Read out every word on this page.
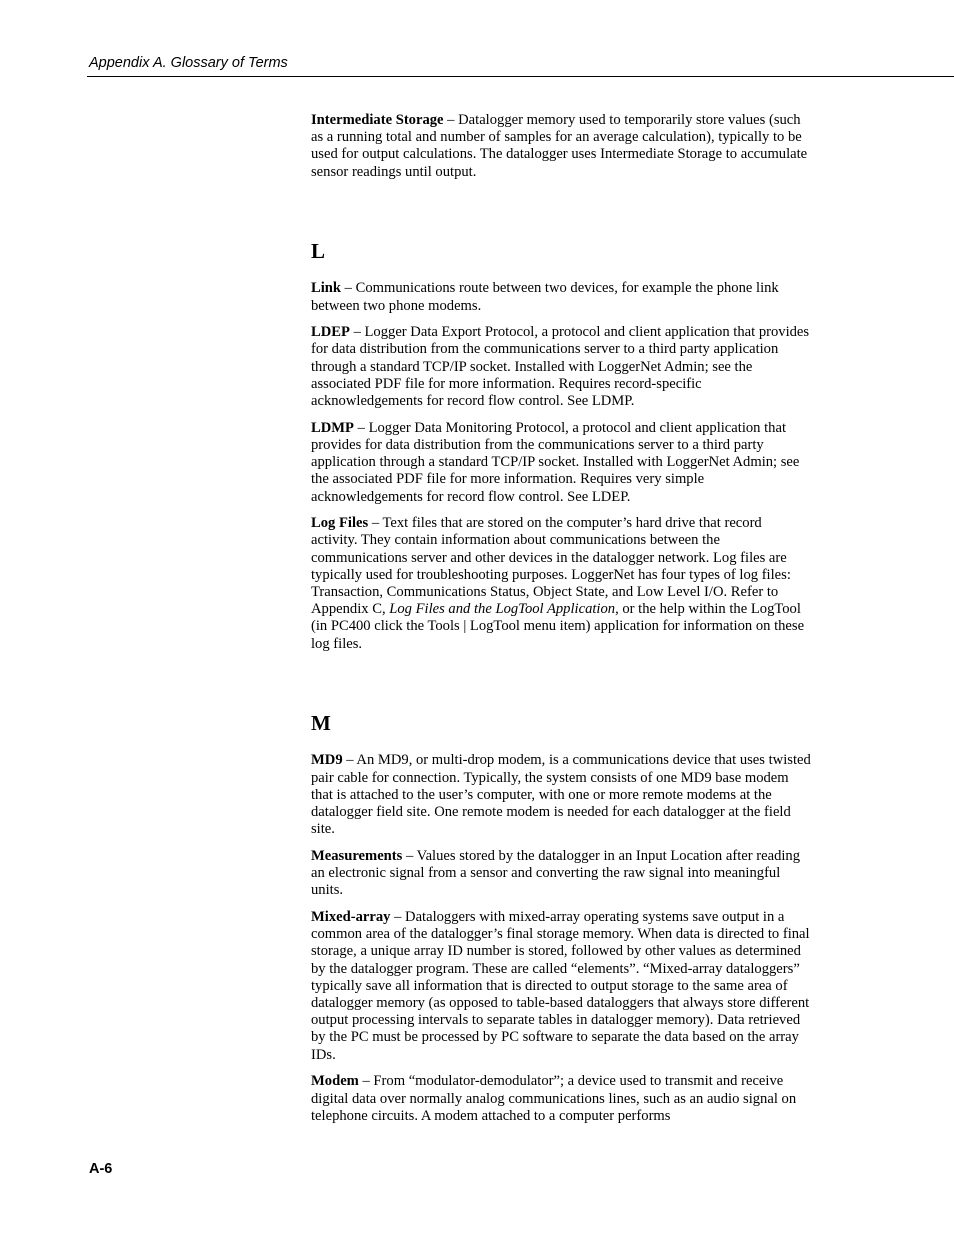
Appendix A. Glossary of Terms

Intermediate Storage – Datalogger memory used to temporarily store values (such as a running total and number of samples for an average calculation), typically to be used for output calculations. The datalogger uses Intermediate Storage to accumulate sensor readings until output.

L

Link – Communications route between two devices, for example the phone link between two phone modems.

LDEP – Logger Data Export Protocol, a protocol and client application that provides for data distribution from the communications server to a third party application through a standard TCP/IP socket. Installed with LoggerNet Admin; see the associated PDF file for more information. Requires record-specific acknowledgements for record flow control. See LDMP.

LDMP – Logger Data Monitoring Protocol, a protocol and client application that provides for data distribution from the communications server to a third party application through a standard TCP/IP socket. Installed with LoggerNet Admin; see the associated PDF file for more information. Requires very simple acknowledgements for record flow control. See LDEP.

Log Files – Text files that are stored on the computer’s hard drive that record activity. They contain information about communications between the communications server and other devices in the datalogger network. Log files are typically used for troubleshooting purposes. LoggerNet has four types of log files: Transaction, Communications Status, Object State, and Low Level I/O. Refer to Appendix C, Log Files and the LogTool Application, or the help within the LogTool (in PC400 click the Tools | LogTool menu item) application for information on these log files.

M

MD9 – An MD9, or multi-drop modem, is a communications device that uses twisted pair cable for connection. Typically, the system consists of one MD9 base modem that is attached to the user’s computer, with one or more remote modems at the datalogger field site. One remote modem is needed for each datalogger at the field site.

Measurements – Values stored by the datalogger in an Input Location after reading an electronic signal from a sensor and converting the raw signal into meaningful units.

Mixed-array – Dataloggers with mixed-array operating systems save output in a common area of the datalogger’s final storage memory. When data is directed to final storage, a unique array ID number is stored, followed by other values as determined by the datalogger program. These are called “elements”. “Mixed-array dataloggers” typically save all information that is directed to output storage to the same area of datalogger memory (as opposed to table-based dataloggers that always store different output processing intervals to separate tables in datalogger memory). Data retrieved by the PC must be processed by PC software to separate the data based on the array IDs.

Modem – From “modulator-demodulator”; a device used to transmit and receive digital data over normally analog communications lines, such as an audio signal on telephone circuits. A modem attached to a computer performs

A-6
